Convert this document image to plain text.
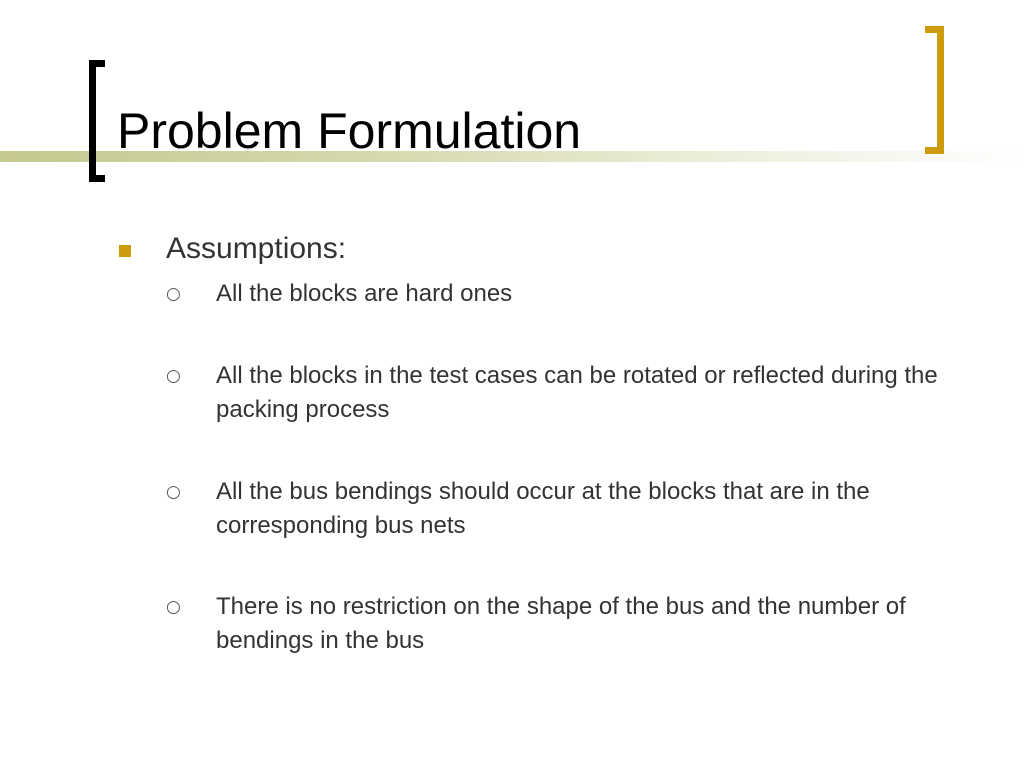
Problem Formulation
Assumptions:
○ All the blocks are hard ones
○ All the blocks in the test cases can be rotated or reflected during the packing process
○ All the bus bendings should occur at the blocks that are in the corresponding bus nets
○ There is no restriction on the shape of the bus and the number of bendings in the bus
